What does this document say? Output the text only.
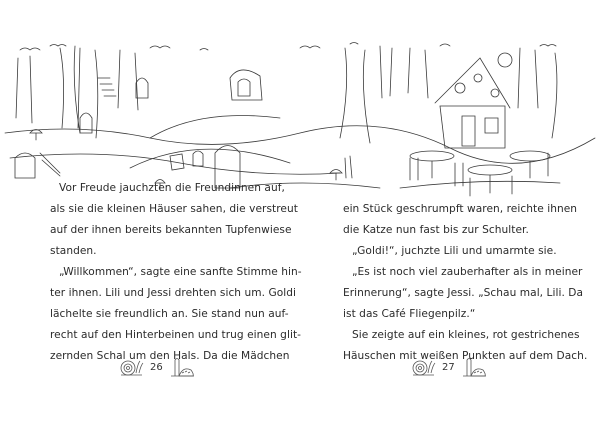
Vor Freude jauchzten die Freundinnen auf,
als sie die kleinen Häuser sahen, die verstreut
auf der ihnen bereits bekannten Tupfenwiese
standen.
„Willkommen“, sagte eine sanfte Stimme hin-
ter ihnen. Lili und Jessi drehten sich um. Goldi
lächelte sie freundlich an. Sie stand nun auf-
recht auf den Hinterbeinen und trug einen glit-
zernden Schal um den Hals. Da die Mädchen
26
ein Stück geschrumpft waren, reichte ihnen
die Katze nun fast bis zur Schulter.
„Goldi!“, juchzte Lili und umarmte sie.
„Es ist noch viel zauberhafter als in meiner
Erinnerung“, sagte Jessi. „Schau mal, Lili. Da
ist das Café Fliegenpilz.“
Sie zeigte auf ein kleines, rot gestrichenes
Häuschen mit weißen Punkten auf dem Dach.
27
